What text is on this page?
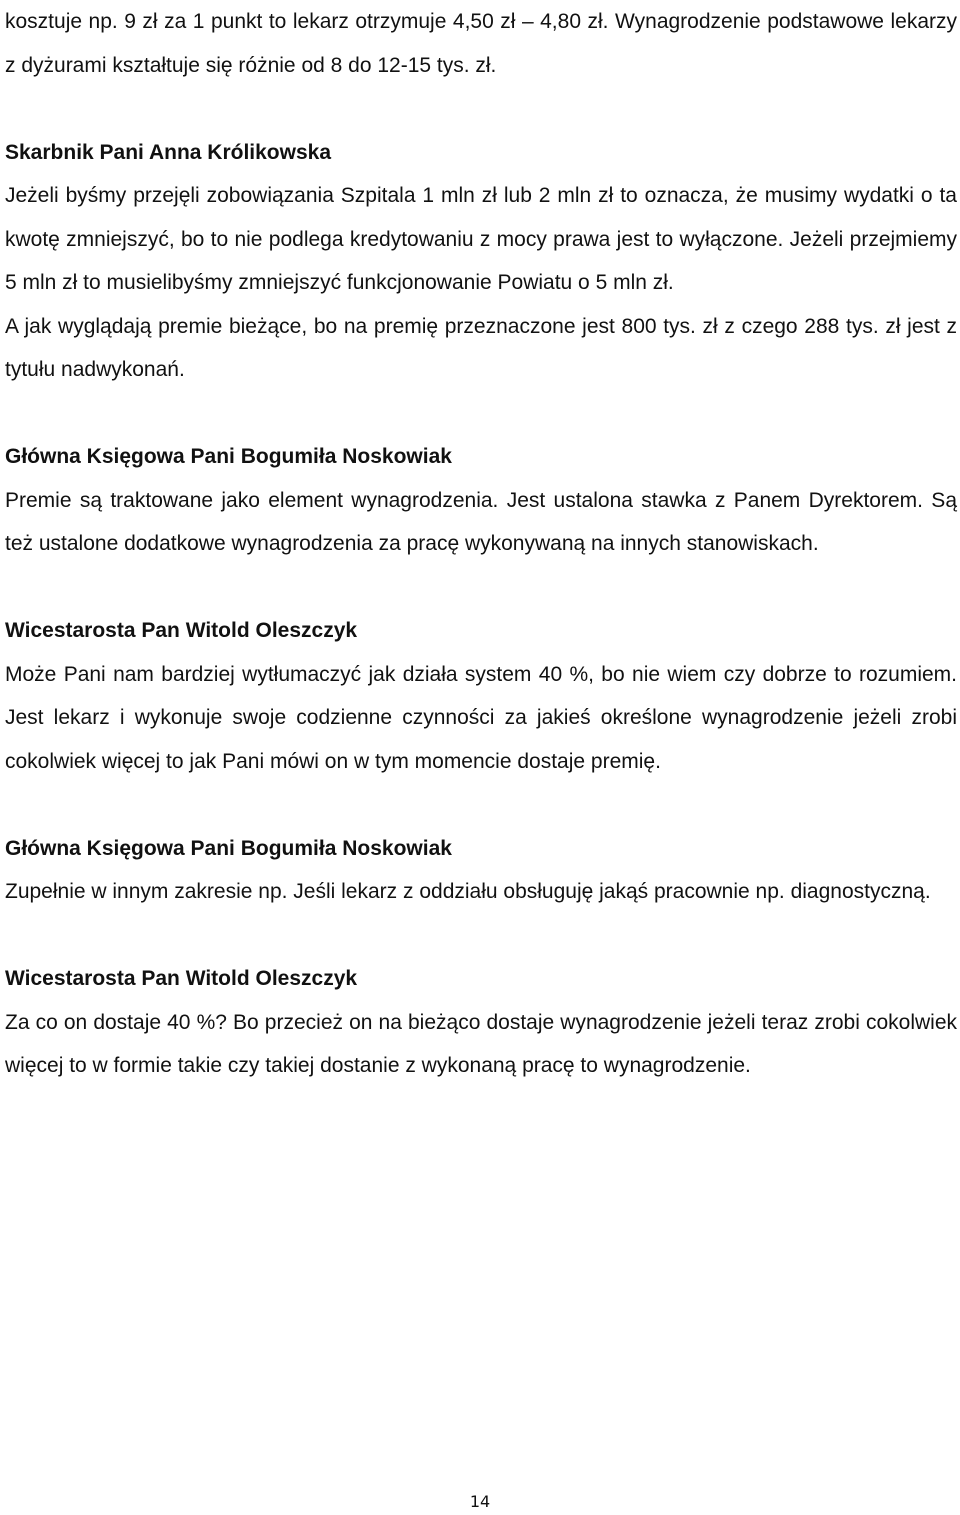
kosztuje np. 9 zł za 1 punkt to lekarz otrzymuje 4,50 zł – 4,80 zł. Wynagrodzenie podstawowe lekarzy z dyżurami kształtuje się różnie od 8 do 12-15 tys. zł.

Skarbnik Pani Anna Królikowska

Jeżeli byśmy przejęli zobowiązania Szpitala 1 mln zł lub 2 mln zł to oznacza, że musimy wydatki o ta kwotę zmniejszyć, bo to nie podlega kredytowaniu z mocy prawa jest to wyłączone. Jeżeli przejmiemy 5 mln zł to musielibyśmy zmniejszyć funkcjonowanie Powiatu o 5 mln zł.

A jak wyglądają premie bieżące, bo na premię przeznaczone jest 800 tys. zł z czego 288 tys. zł jest z tytułu nadwykonań.

Główna Księgowa Pani Bogumiła Noskowiak

Premie są traktowane jako element wynagrodzenia. Jest ustalona stawka z Panem Dyrektorem. Są też ustalone dodatkowe wynagrodzenia za pracę wykonywaną na innych stanowiskach.

Wicestarosta Pan Witold Oleszczyk

Może Pani nam bardziej wytłumaczyć jak działa system 40 %, bo nie wiem czy dobrze to rozumiem. Jest lekarz i wykonuje swoje codzienne czynności za jakieś określone wynagrodzenie jeżeli zrobi cokolwiek więcej to jak Pani mówi on w tym momencie dostaje premię.

Główna Księgowa Pani Bogumiła Noskowiak

Zupełnie w innym zakresie np. Jeśli lekarz z oddziału obsługuję jakąś pracownie np. diagnostyczną.

Wicestarosta Pan Witold Oleszczyk

Za co on dostaje 40 %? Bo przecież on na bieżąco dostaje wynagrodzenie jeżeli teraz zrobi cokolwiek więcej to w formie takie czy takiej dostanie z wykonaną pracę to wynagrodzenie.

14
